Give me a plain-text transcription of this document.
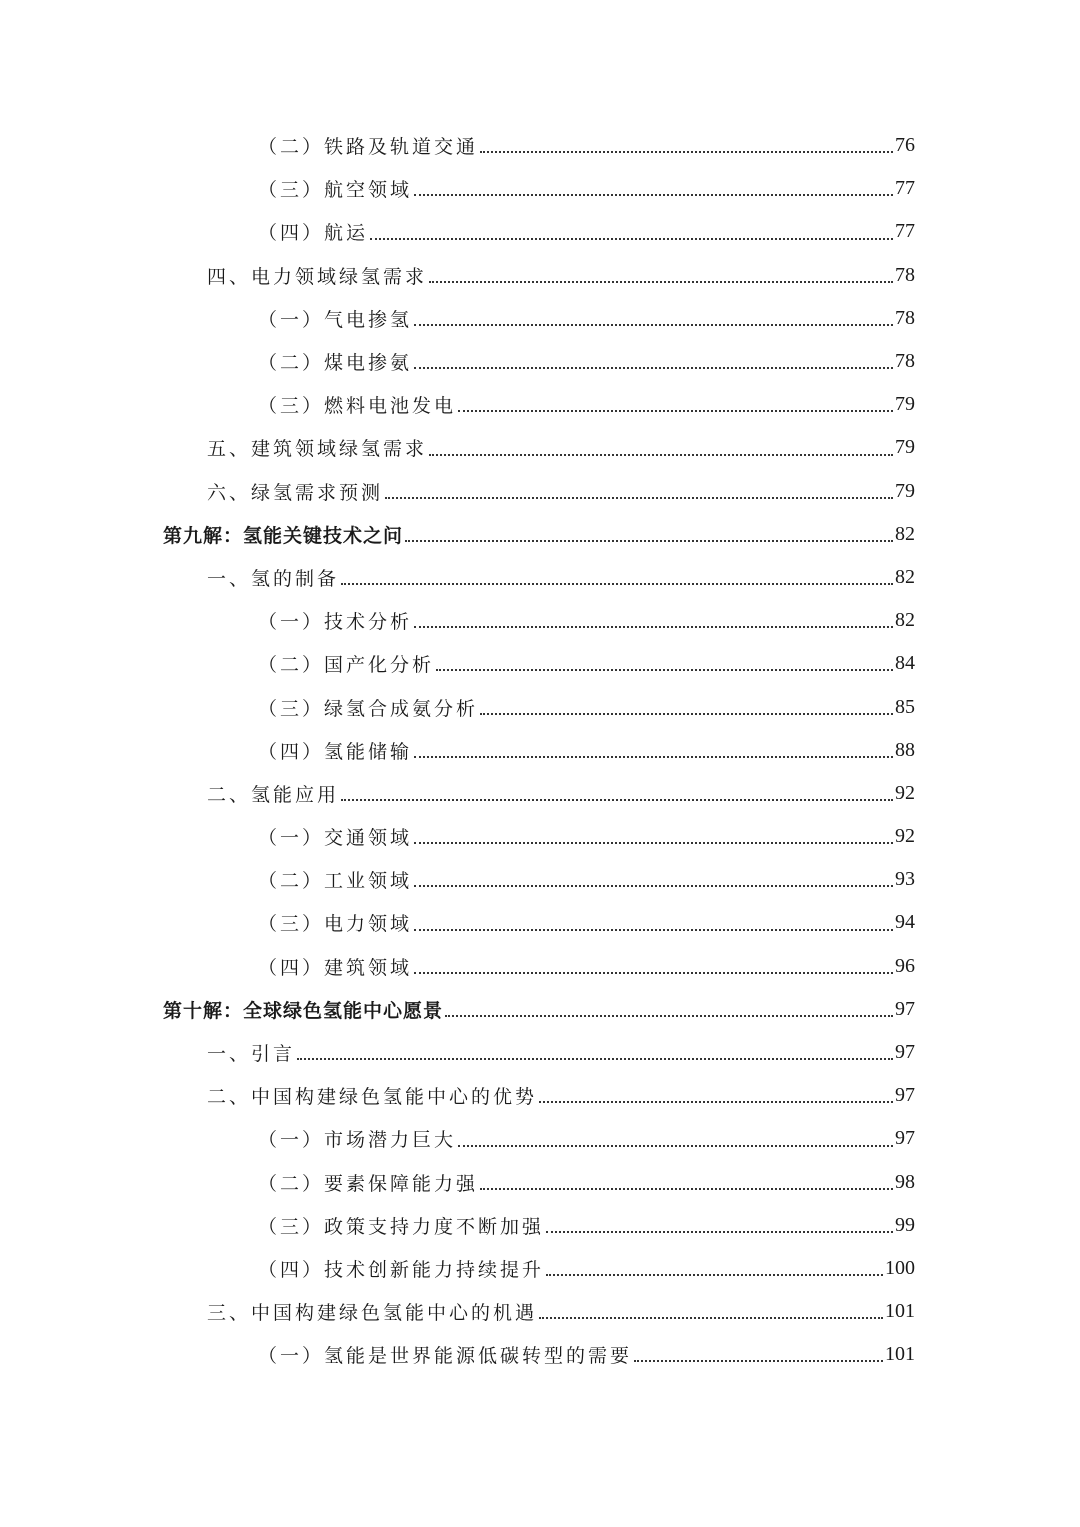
（二）铁路及轨道交通	76
（三）航空领域	77
（四）航运	77
四、电力领域绿氢需求	78
（一）气电掺氢	78
（二）煤电掺氨	78
（三）燃料电池发电	79
五、建筑领域绿氢需求	79
六、绿氢需求预测	79
第九解：氢能关键技术之问	82
一、氢的制备	82
（一）技术分析	82
（二）国产化分析	84
（三）绿氢合成氨分析	85
（四）氢能储输	88
二、氢能应用	92
（一）交通领域	92
（二）工业领域	93
（三）电力领域	94
（四）建筑领域	96
第十解：全球绿色氢能中心愿景	97
一、引言	97
二、中国构建绿色氢能中心的优势	97
（一）市场潜力巨大	97
（二）要素保障能力强	98
（三）政策支持力度不断加强	99
（四）技术创新能力持续提升	100
三、中国构建绿色氢能中心的机遇	101
（一）氢能是世界能源低碳转型的需要	101
